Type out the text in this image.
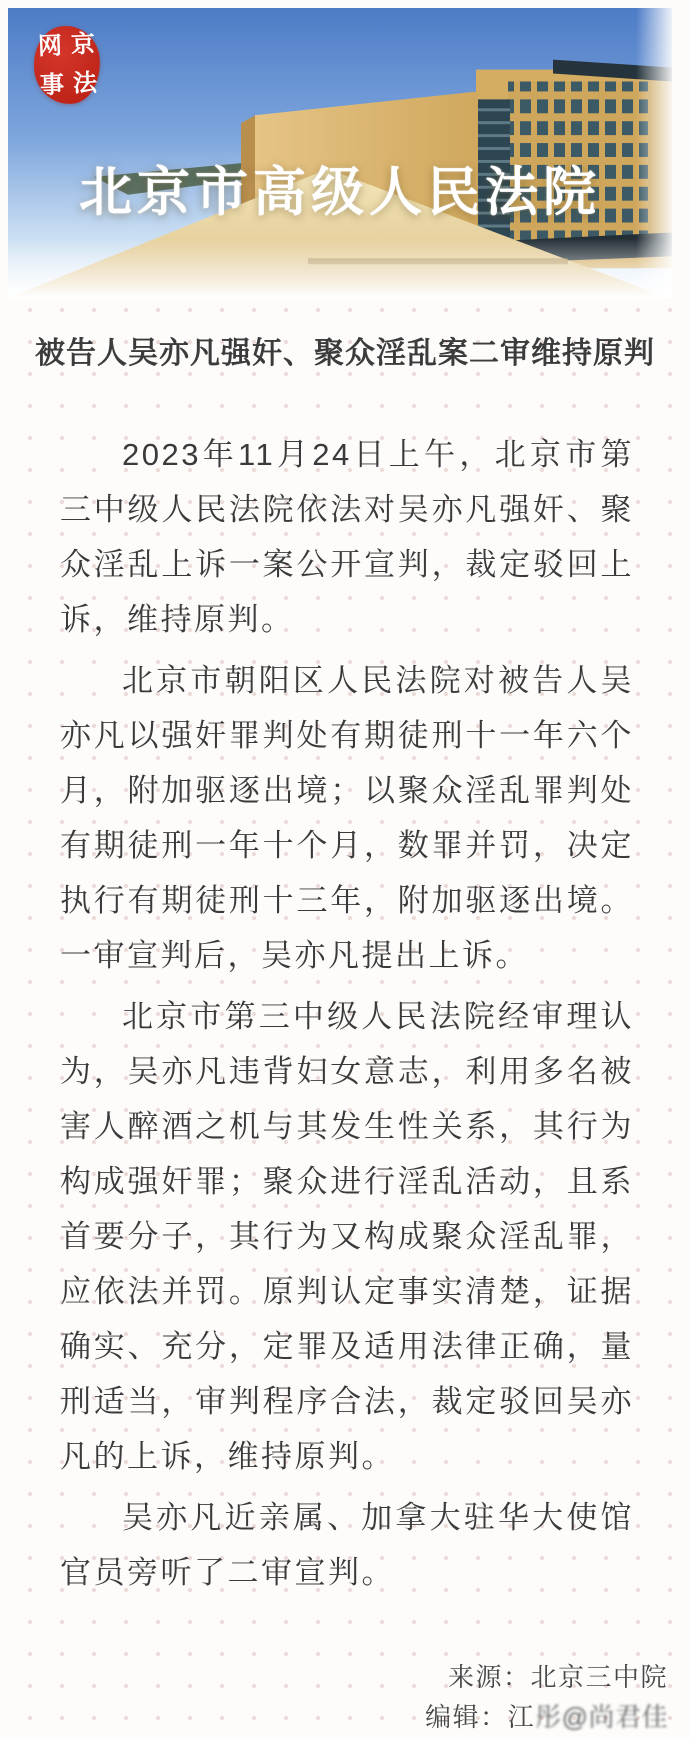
北京市高级人民法院
网 京
事 法
被告人吴亦凡强奸、聚众淫乱案二审维持原判

2023年11月24日上午，北京市第三中级人民法院依法对吴亦凡强奸、聚众淫乱上诉一案公开宣判，裁定驳回上诉，维持原判。

北京市朝阳区人民法院对被告人吴亦凡以强奸罪判处有期徒刑十一年六个月，附加驱逐出境；以聚众淫乱罪判处有期徒刑一年十个月，数罪并罚，决定执行有期徒刑十三年，附加驱逐出境。一审宣判后，吴亦凡提出上诉。

北京市第三中级人民法院经审理认为，吴亦凡违背妇女意志，利用多名被害人醉酒之机与其发生性关系，其行为构成强奸罪；聚众进行淫乱活动，且系首要分子，其行为又构成聚众淫乱罪，应依法并罚。原判认定事实清楚，证据确实、充分，定罪及适用法律正确，量刑适当，审判程序合法，裁定驳回吴亦凡的上诉，维持原判。

吴亦凡近亲属、加拿大驻华大使馆官员旁听了二审宣判。

来源：北京三中院
编辑：江彤@尚君佳
